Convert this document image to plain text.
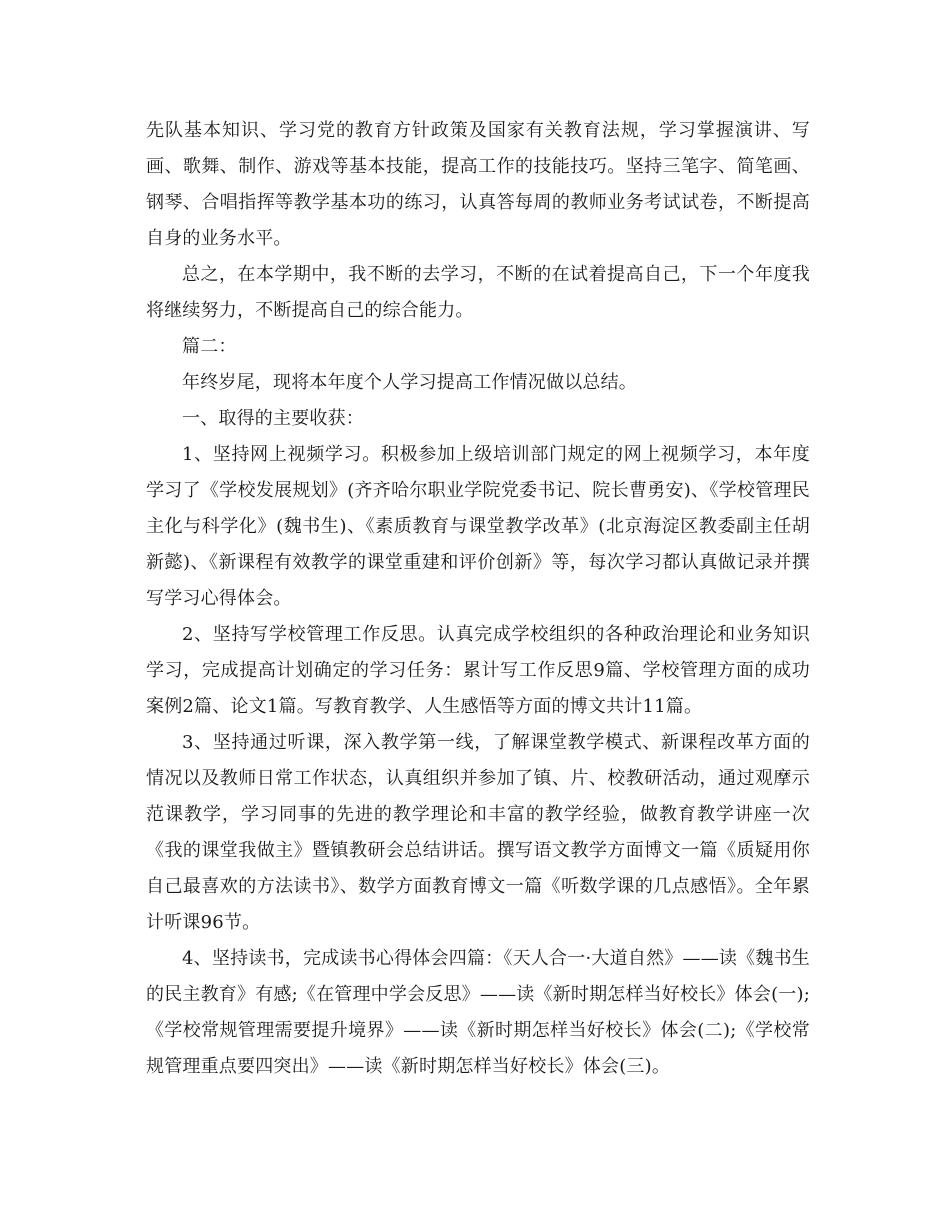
先队基本知识、学习党的教育方针政策及国家有关教育法规，学习掌握演讲、写画、歌舞、制作、游戏等基本技能，提高工作的技能技巧。坚持三笔字、简笔画、钢琴、合唱指挥等教学基本功的练习，认真答每周的教师业务考试试卷，不断提高自身的业务水平。

总之，在本学期中，我不断的去学习，不断的在试着提高自己，下一个年度我将继续努力，不断提高自己的综合能力。

篇二：

年终岁尾，现将本年度个人学习提高工作情况做以总结。

一、取得的主要收获：

1、坚持网上视频学习。积极参加上级培训部门规定的网上视频学习，本年度学习了《学校发展规划》(齐齐哈尔职业学院党委书记、院长曹勇安)、《学校管理民主化与科学化》(魏书生)、《素质教育与课堂教学改革》(北京海淀区教委副主任胡新懿)、《新课程有效教学的课堂重建和评价创新》等，每次学习都认真做记录并撰写学习心得体会。

2、坚持写学校管理工作反思。认真完成学校组织的各种政治理论和业务知识学习，完成提高计划确定的学习任务：累计写工作反思9篇、学校管理方面的成功案例2篇、论文1篇。写教育教学、人生感悟等方面的博文共计11篇。

3、坚持通过听课，深入教学第一线，了解课堂教学模式、新课程改革方面的情况以及教师日常工作状态，认真组织并参加了镇、片、校教研活动，通过观摩示范课教学，学习同事的先进的教学理论和丰富的教学经验，做教育教学讲座一次《我的课堂我做主》暨镇教研会总结讲话。撰写语文教学方面博文一篇《质疑用你自己最喜欢的方法读书》、数学方面教育博文一篇《听数学课的几点感悟》。全年累计听课96节。

4、坚持读书，完成读书心得体会四篇：《天人合一·大道自然》——读《魏书生的民主教育》有感;《在管理中学会反思》——读《新时期怎样当好校长》体会(一);《学校常规管理需要提升境界》——读《新时期怎样当好校长》体会(二);《学校常规管理重点要四突出》——读《新时期怎样当好校长》体会(三)。
